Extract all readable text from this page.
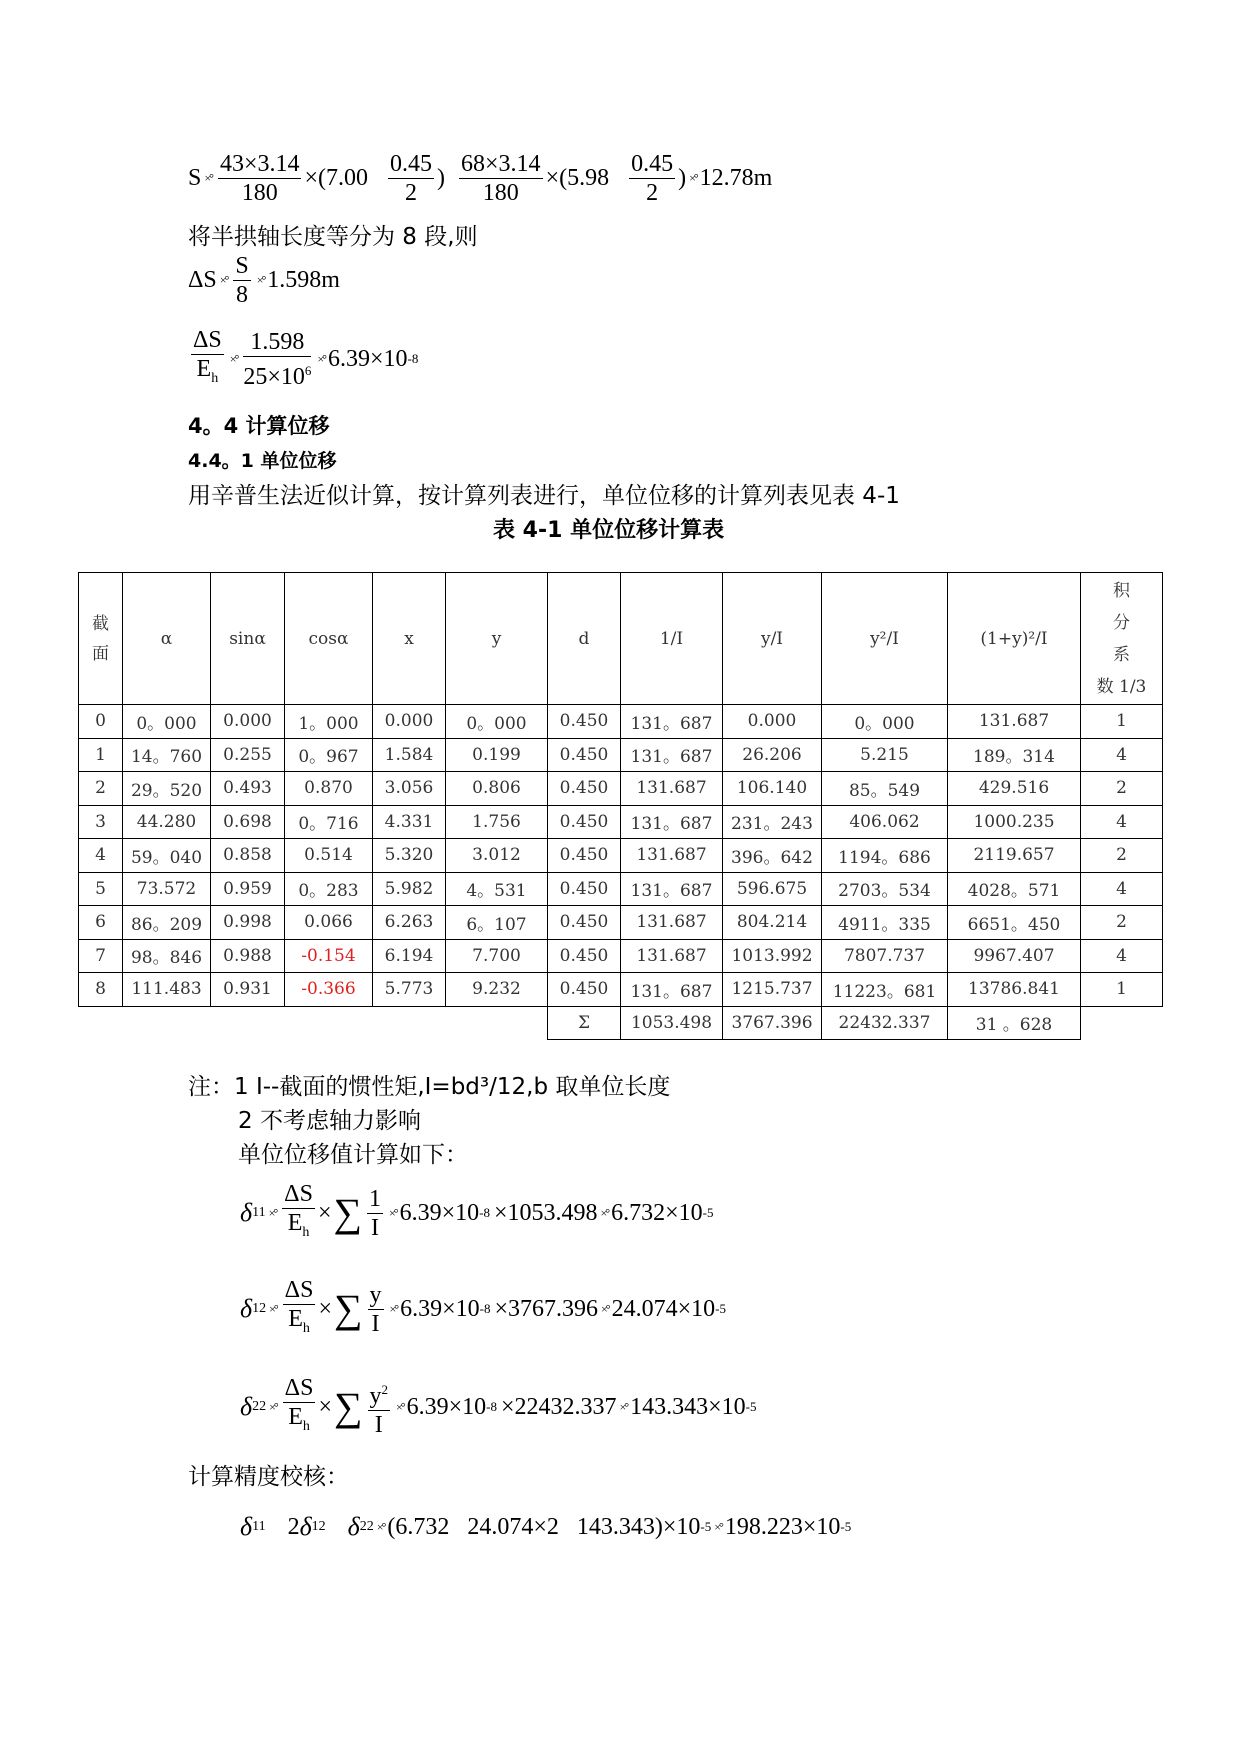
S ×° $\frac{43\times 3.14}{180} \times(7.00 \frac{0.45}{2}$ ) $\frac{68\times 3.14}{180} \times(5.98 \frac{0.45}{2}$ ) ×° 12.78m
将半拱轴长度等分为 8 段,则
ΔS ×° $\frac{S}{8}$ ×° 1.598m
$\frac{\Delta S}{E_h}$ ×° $\frac{1.598}{25\times 10^6}$ ×° 6.39×10 -8
4。4 计算位移
4.4。1 单位位移
用辛普生法近似计算，按计算列表进行，单位位移的计算列表见表 4-1
表 4-1 单位位移计算表
截
面	α	sinα	cosα	x	y	d	1/I	y/I	y²/I	(1+y)²/I	积
分
系
数 1/3
0	0。000	0.000	1。000	0.000	0。000	0.450	131。687	0.000	0。000	131.687	1
1	14。760	0.255	0。967	1.584	0.199	0.450	131。687	26.206	5.215	189。314	4
2	29。520	0.493	0.870	3.056	0.806	0.450	131.687	106.140	85。549	429.516	2
3	44.280	0.698	0。716	4.331	1.756	0.450	131。687	231。243	406.062	1000.235	4
4	59。040	0.858	0.514	5.320	3.012	0.450	131.687	396。642	1194。686	2119.657	2
5	73.572	0.959	0。283	5.982	4。531	0.450	131。687	596.675	2703。534	4028。571	4
6	86。209	0.998	0.066	6.263	6。107	0.450	131.687	804.214	4911。335	6651。450	2
7	98。846	0.988	-0.154	6.194	7.700	0.450	131.687	1013.992	7807.737	9967.407	4
8	111.483	0.931	-0.366	5.773	9.232	0.450	131。687	1215.737	11223。681	13786.841	1
						Σ	1053.498	3767.396	22432.337	31 。628	
注：1 I--截面的惯性矩,I=bd³/12,b 取单位长度
2 不考虑轴力影响
单位位移值计算如下：
δ 11 ×° $\frac{\Delta S}{E_h}$ × ∑ $\frac{1}{I}$ ×° 6.39×10 -8 ×1053.498 ×° 6.732×10 -5
δ 12 ×° $\frac{\Delta S}{E_h}$ × ∑ $\frac{y}{I}$ ×° 6.39×10 -8 ×3767.396 ×° 24.074×10 -5
δ 22 ×° $\frac{\Delta S}{E_h}$ × ∑ $\frac{y^2}{I}$ ×° 6.39×10 -8 ×22432.337 ×° 143.343×10 -5
计算精度校核：
δ 11 2 δ 12 δ 22 ×° (6.732   24.074×2   143.343)×10 -5 ×° 198.223×10 -5
